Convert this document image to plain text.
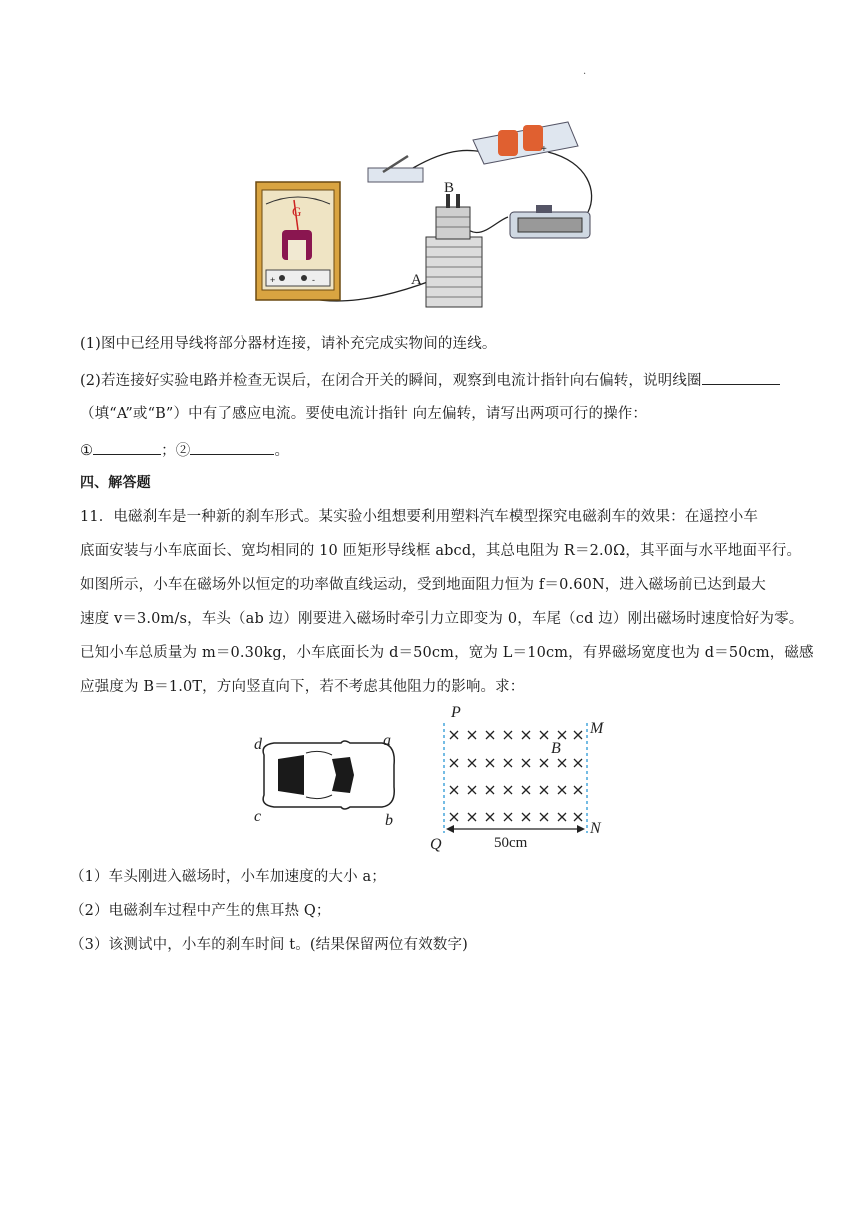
.
G
+	-
+
B
A
(1)图中已经用导线将部分器材连接，请补充完成实物间的连线。
(2)若连接好实验电路并检查无误后，在闭合开关的瞬间，观察到电流计指针向右偏转，说明线圈
（填“A”或“B”）中有了感应电流。要使电流计指针 向左偏转，请写出两项可行的操作：
①	；②	。
四、解答题
11．电磁刹车是一种新的刹车形式。某实验小组想要利用塑料汽车模型探究电磁刹车的效果：在遥控小车
底面安装与小车底面长、宽均相同的 10 匝矩形导线框 abcd，其总电阻为 R＝2.0Ω，其平面与水平地面平行。
如图所示，小车在磁场外以恒定的功率做直线运动，受到地面阻力恒为 f＝0.60N，进入磁场前已达到最大
速度 v＝3.0m/s，车头（ab 边）刚要进入磁场时牵引力立即变为 0，车尾（cd 边）刚出磁场时速度恰好为零。
已知小车总质量为 m＝0.30kg，小车底面长为 d＝50cm，宽为 L＝10cm，有界磁场宽度也为 d＝50cm，磁感
应强度为 B＝1.0T，方向竖直向下，若不考虑其他阻力的影响。求：
d	a
c	b
P
M
Q
N
B
50cm
（1）车头刚进入磁场时，小车加速度的大小 a；
（2）电磁刹车过程中产生的焦耳热 Q；
（3）该测试中，小车的刹车时间 t。(结果保留两位有效数字)
